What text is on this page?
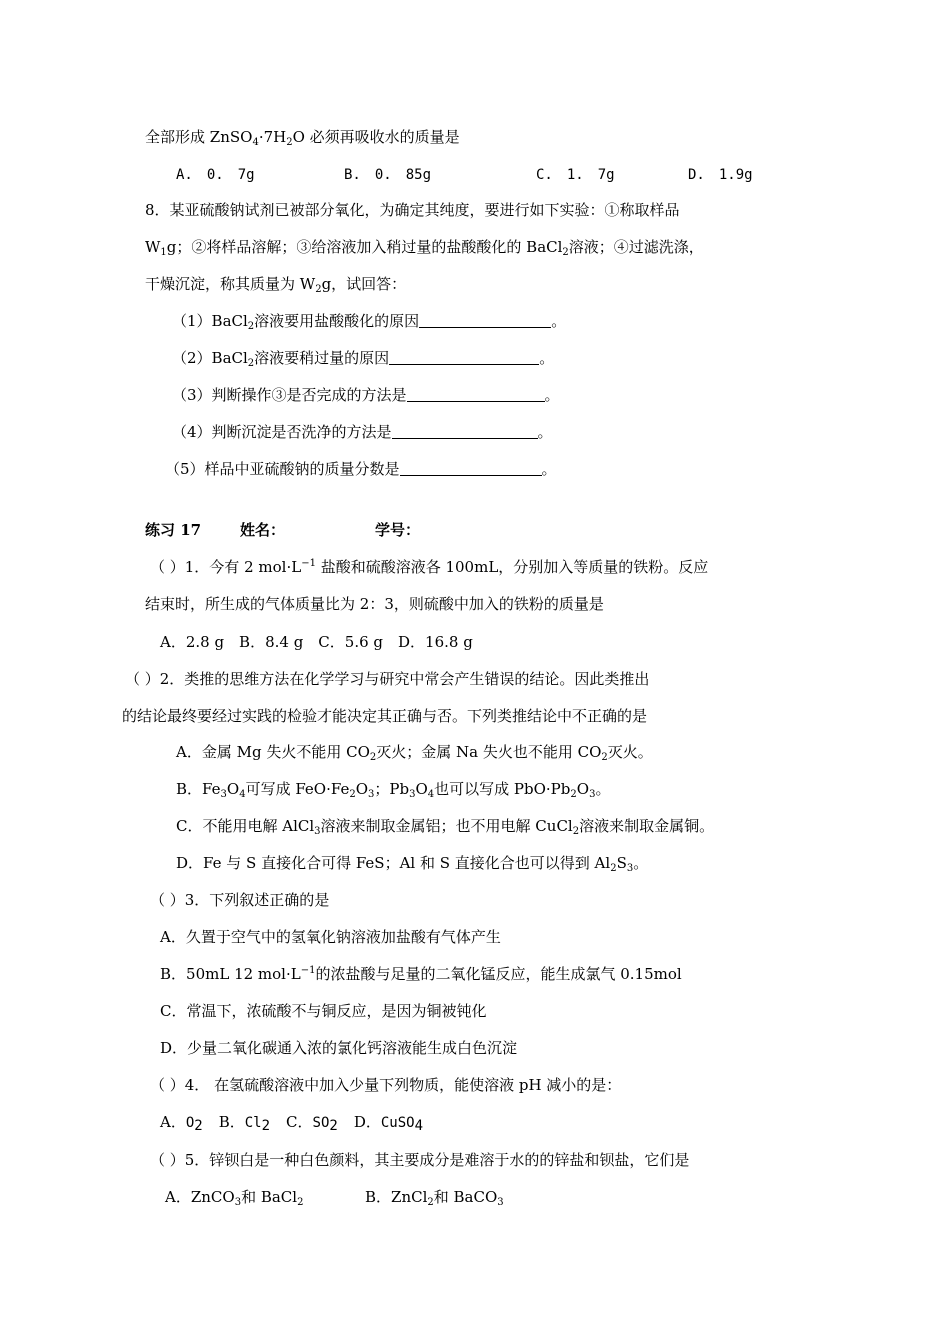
全部形成 $ZnSO_4\cdot 7H_2O$ 必须再吸收水的质量是
A.　0.　7g	B.　0.　85g	C.　1.　7g	D.　1.9g
8．某亚硫酸钠试剂已被部分氧化，为确定其纯度，要进行如下实验：①称取样品
$W_1g$；②将样品溶解；③给溶液加入稍过量的盐酸酸化的 BaCl$_2$溶液；④过滤洗涤，
干燥沉淀，称其质量为 $W_2g$，试回答：
（1）BaCl$_2$溶液要用盐酸酸化的原因	。
（2）BaCl$_2$溶液要稍过量的原因	。
（3）判断操作③是否完成的方法是	。
（4）判断沉淀是否洗净的方法是	。
（5）样品中亚硫酸钠的质量分数是	。
练习 17	姓名：	学号：
（ ）1．今有 2 $mol\cdot L^{-1}$ 盐酸和硫酸溶液各 100mL，分别加入等质量的铁粉。反应
结束时，所生成的气体质量比为 2：3，则硫酸中加入的铁粉的质量是
A．2.8 g　B．8.4 g　C．5.6 g　D．16.8 g
（ ）2．类推的思维方法在化学学习与研究中常会产生错误的结论。因此类推出
的结论最终要经过实践的检验才能决定其正确与否。下列类推结论中不正确的是
A．金属 Mg 失火不能用 $CO_2$灭火；金属 Na 失火也不能用 $CO_2$灭火。
B．$Fe_3O_4$可写成 $FeO\cdot Fe_2O_3$；$Pb_3O_4$也可以写成 $PbO\cdot Pb_2O_3$。
C．不能用电解 AlCl$_3$溶液来制取金属铝；也不用电解 CuCl$_2$溶液来制取金属铜。
D．Fe 与 S 直接化合可得 FeS；Al 和 S 直接化合也可以得到 $Al_2S_3$。
（ ）3．下列叙述正确的是
A．久置于空气中的氢氧化钠溶液加盐酸有气体产生
B．50mL 12 $mol\cdot L^{-1}$的浓盐酸与足量的二氧化锰反应，能生成氯气 0.15mol
C．常温下，浓硫酸不与铜反应，是因为铜被钝化
D．少量二氧化碳通入浓的氯化钙溶液能生成白色沉淀
（ ）4． 在氢硫酸溶液中加入少量下列物质，能使溶液 pH 减小的是：
A．$O_2$ B．$Cl_2$ C．$SO_2$ D．CuSO$_4$
（ ）5．锌钡白是一种白色颜料，其主要成分是难溶于水的的锌盐和钡盐，它们是
A．ZnCO$_3$和 BaCl$_2$	B．ZnCl$_2$和 BaCO$_3$
